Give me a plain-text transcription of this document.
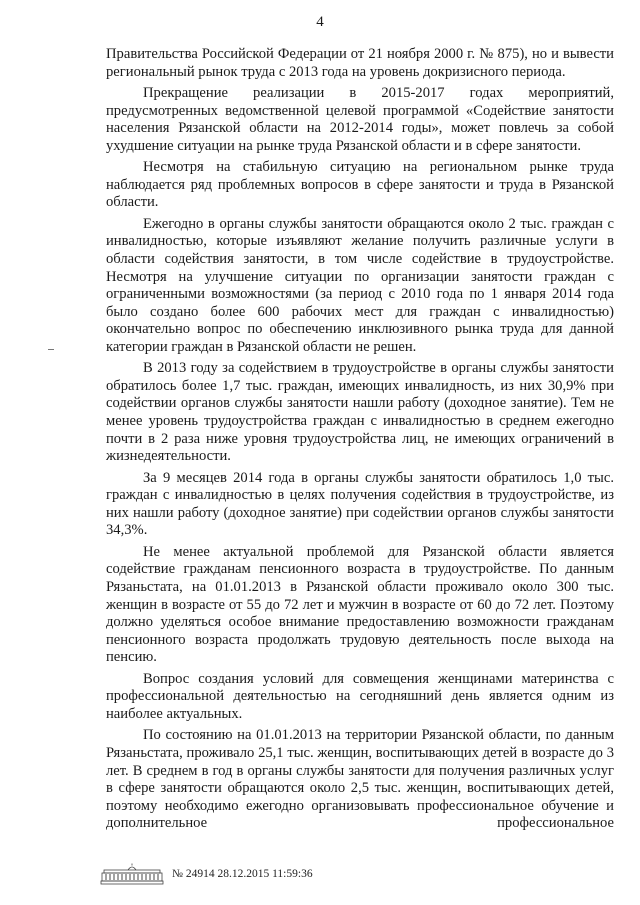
4

Правительства Российской Федерации от 21 ноября 2000 г. № 875), но и вывести региональный рынок труда с 2013 года на уровень докризисного периода.

Прекращение реализации в 2015-2017 годах мероприятий, предусмотренных ведомственной целевой программой «Содействие занятости населения Рязанской области на 2012-2014 годы», может повлечь за собой ухудшение ситуации на рынке труда Рязанской области и в сфере занятости.

Несмотря на стабильную ситуацию на региональном рынке труда наблюдается ряд проблемных вопросов в сфере занятости и труда в Рязанской области.

Ежегодно в органы службы занятости обращаются около 2 тыс. граждан с инвалидностью, которые изъявляют желание получить различные услуги в области содействия занятости, в том числе содействие в трудоустройстве. Несмотря на улучшение ситуации по организации занятости граждан с ограниченными возможностями (за период с 2010 года по 1 января 2014 года было создано более 600 рабочих мест для граждан с инвалидностью) окончательно вопрос по обеспечению инклюзивного рынка труда для данной категории граждан в Рязанской области не решен.

В 2013 году за содействием в трудоустройстве в органы службы занятости обратилось более 1,7 тыс. граждан, имеющих инвалидность, из них 30,9% при содействии органов службы занятости нашли работу (доходное занятие). Тем не менее уровень трудоустройства граждан с инвалидностью в среднем ежегодно почти в 2 раза ниже уровня трудоустройства лиц, не имеющих ограничений в жизнедеятельности.

За 9 месяцев 2014 года в органы службы занятости обратилось 1,0 тыс. граждан с инвалидностью в целях получения содействия в трудоустройстве, из них нашли работу (доходное занятие) при содействии органов службы занятости 34,3%.

Не менее актуальной проблемой для Рязанской области является содействие гражданам пенсионного возраста в трудоустройстве. По данным Рязаньстата, на 01.01.2013 в Рязанской области проживало около 300 тыс. женщин в возрасте от 55 до 72 лет и мужчин в возрасте от 60 до 72 лет. Поэтому должно уделяться особое внимание предоставлению возможности гражданам пенсионного возраста продолжать трудовую деятельность после выхода на пенсию.

Вопрос создания условий для совмещения женщинами материнства с профессиональной деятельностью на сегодняшний день является одним из наиболее актуальных.

По состоянию на 01.01.2013 на территории Рязанской области, по данным Рязаньстата, проживало 25,1 тыс. женщин, воспитывающих детей в возрасте до 3 лет. В среднем в год в органы службы занятости для получения различных услуг в сфере занятости обращаются около 2,5 тыс. женщин, воспитывающих детей, поэтому необходимо ежегодно организовывать профессиональное обучение и дополнительное профессиональное

№ 24914 28.12.2015 11:59:36
